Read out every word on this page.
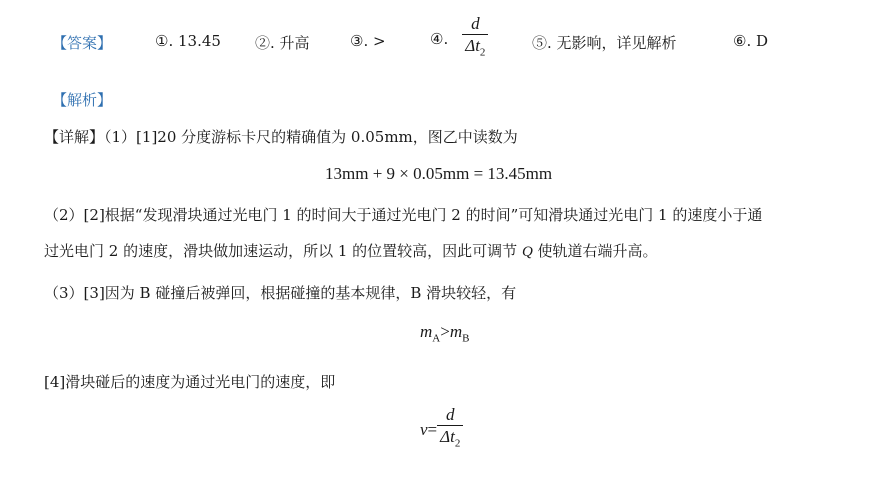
【答案】	①. 13.45 ②. 升高	③. >	④. $\frac{d}{\Delta t_2}$	⑤. 无影响，详见解析	⑥. D
【解析】
【详解】（1）[1]20 分度游标卡尺的精确值为 0.05mm，图乙中读数为
13mm + 9 × 0.05mm = 13.45mm
（2）[2]根据“发现滑块通过光电门 1 的时间大于通过光电门 2 的时间”可知滑块通过光电门 1 的速度小于通
过光电门 2 的速度，滑块做加速运动，所以 1 的位置较高，因此可调节 Q 使轨道右端升高。
（3）[3]因为 B 碰撞后被弹回，根据碰撞的基本规律，B 滑块较轻，有
$m_A>m_B$
[4]滑块碰后的速度为通过光电门的速度，即
$v = \frac{d}{\Delta t_2}$
